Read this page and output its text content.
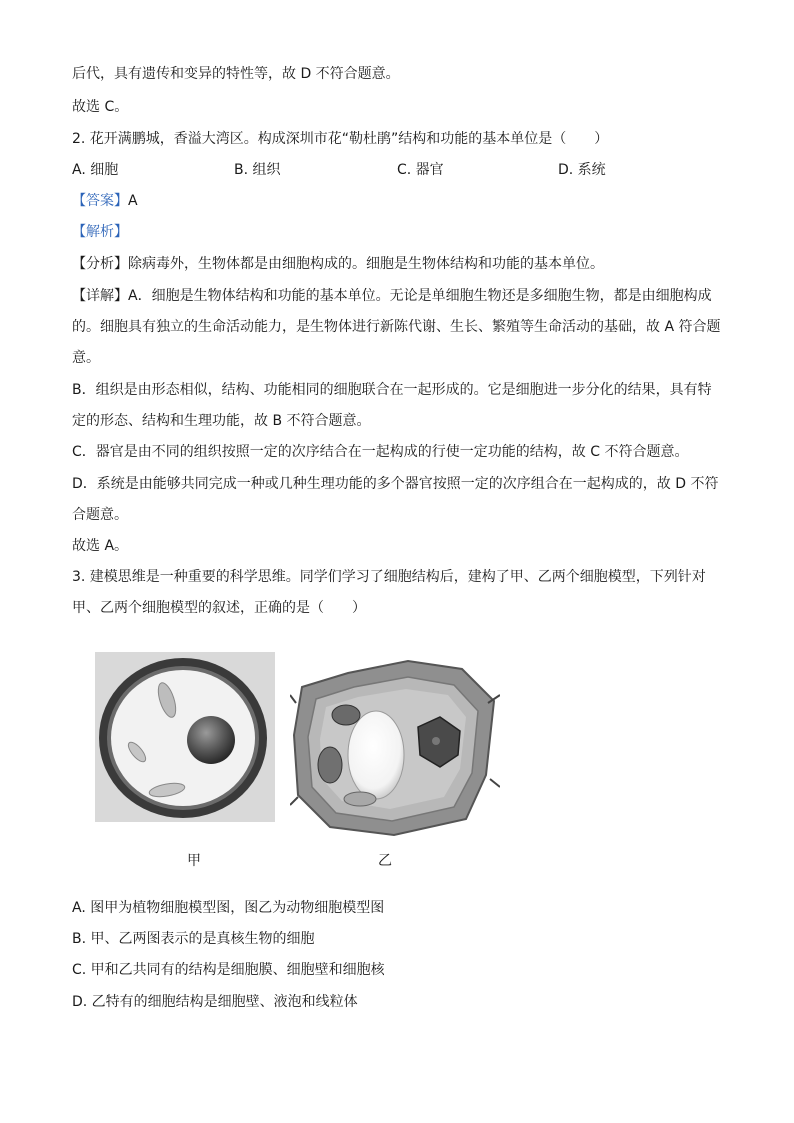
后代，具有遗传和变异的特性等，故 D 不符合题意。
故选 C。
2. 花开满鹏城，香溢大湾区。构成深圳市花“勒杜鹃”结构和功能的基本单位是（　　）
A. 细胞	B. 组织	C. 器官	D. 系统
【答案】A
【解析】
【分析】除病毒外，生物体都是由细胞构成的。细胞是生物体结构和功能的基本单位。
【详解】A．细胞是生物体结构和功能的基本单位。无论是单细胞生物还是多细胞生物，都是由细胞构成
的。细胞具有独立的生命活动能力，是生物体进行新陈代谢、生长、繁殖等生命活动的基础，故 A 符合题
意。
B．组织是由形态相似，结构、功能相同的细胞联合在一起形成的。它是细胞进一步分化的结果，具有特
定的形态、结构和生理功能，故 B 不符合题意。
C．器官是由不同的组织按照一定的次序结合在一起构成的行使一定功能的结构，故 C 不符合题意。
D．系统是由能够共同完成一种或几种生理功能的多个器官按照一定的次序组合在一起构成的，故 D 不符
合题意。
故选 A。
3. 建模思维是一种重要的科学思维。同学们学习了细胞结构后，建构了甲、乙两个细胞模型，下列针对
甲、乙两个细胞模型的叙述，正确的是（　　）
甲	乙
A. 图甲为植物细胞模型图，图乙为动物细胞模型图
B. 甲、乙两图表示的是真核生物的细胞
C. 甲和乙共同有的结构是细胞膜、细胞壁和细胞核
D. 乙特有的细胞结构是细胞壁、液泡和线粒体
